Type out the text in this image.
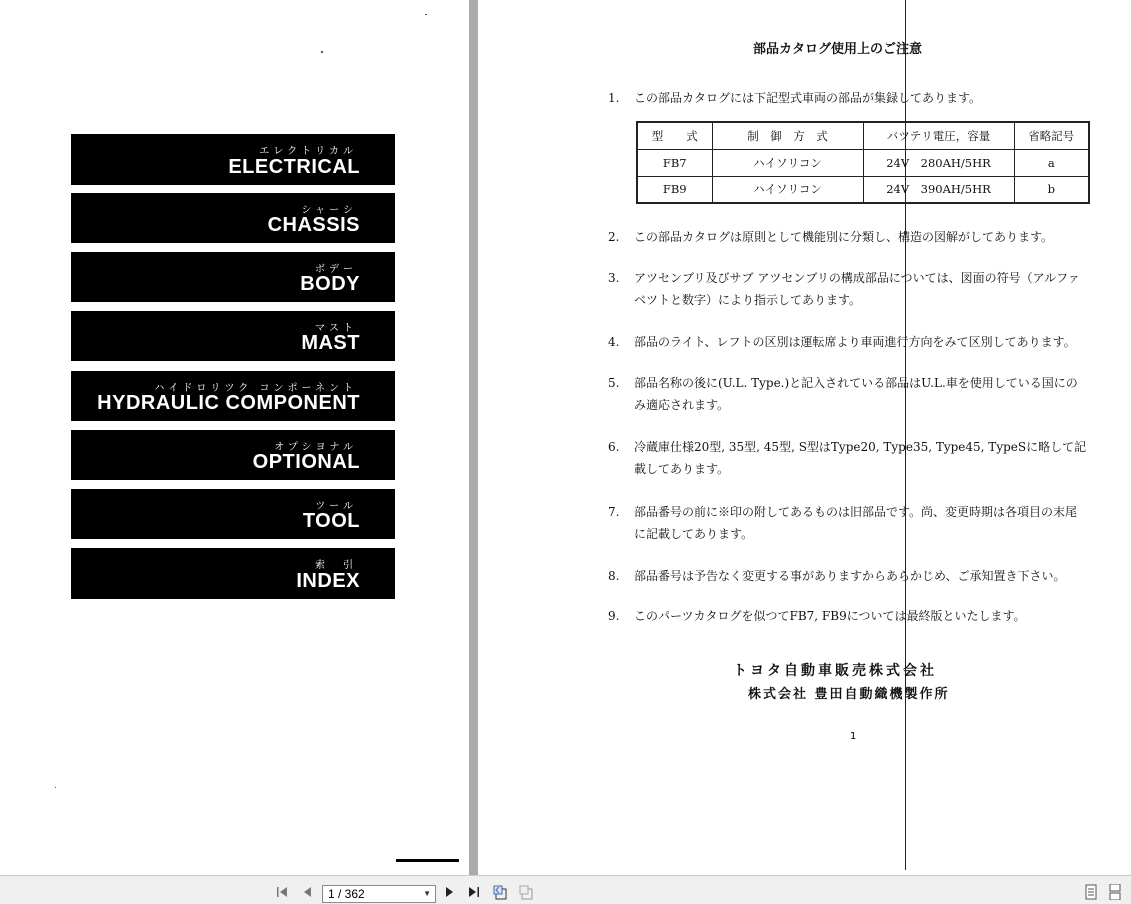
エレクトリカル
ELECTRICAL
シャーシ
CHASSIS
ボデー
BODY
マスト
MAST
ハイドロリツク コンポーネント
HYDRAULIC COMPONENT
オプシヨナル
OPTIONAL
ツール
TOOL
索　引
INDEX
部品カタログ使用上のご注意
1. この部品カタログには下記型式車両の部品が集録してあります。
型　　式	制　御　方　式	バツテリ電圧，容量	省略記号
FB7	ハイソリコン	24V　280AH/5HR	a
FB9	ハイソリコン	24V　390AH/5HR	b
2. この部品カタログは原則として機能別に分類し、構造の図解がしてあります。
3. アツセンブリ及びサブ アツセンブリの構成部品については、図面の符号（アルファベツトと数字）により指示してあります。
4. 部品のライト、レフトの区別は運転席より車両進行方向をみて区別してあります。
5. 部品名称の後に(U.L. Type.)と記入されている部品はU.L.車を使用している国にのみ適応されます。
6. 冷蔵庫仕様20型, 35型, 45型, S型はType20, Type35, Type45, TypeSに略して記載してあります。
7. 部品番号の前に※印の附してあるものは旧部品です。尚、変更時期は各項目の末尾に記載してあります。
8. 部品番号は予告なく変更する事がありますからあらかじめ、ご承知置き下さい。
9. このパーツカタログを似つてFB7, FB9については最終版といたします。
トヨタ自動車販売株式会社
株式会社 豊田自動織機製作所
1
1 / 362	▼
